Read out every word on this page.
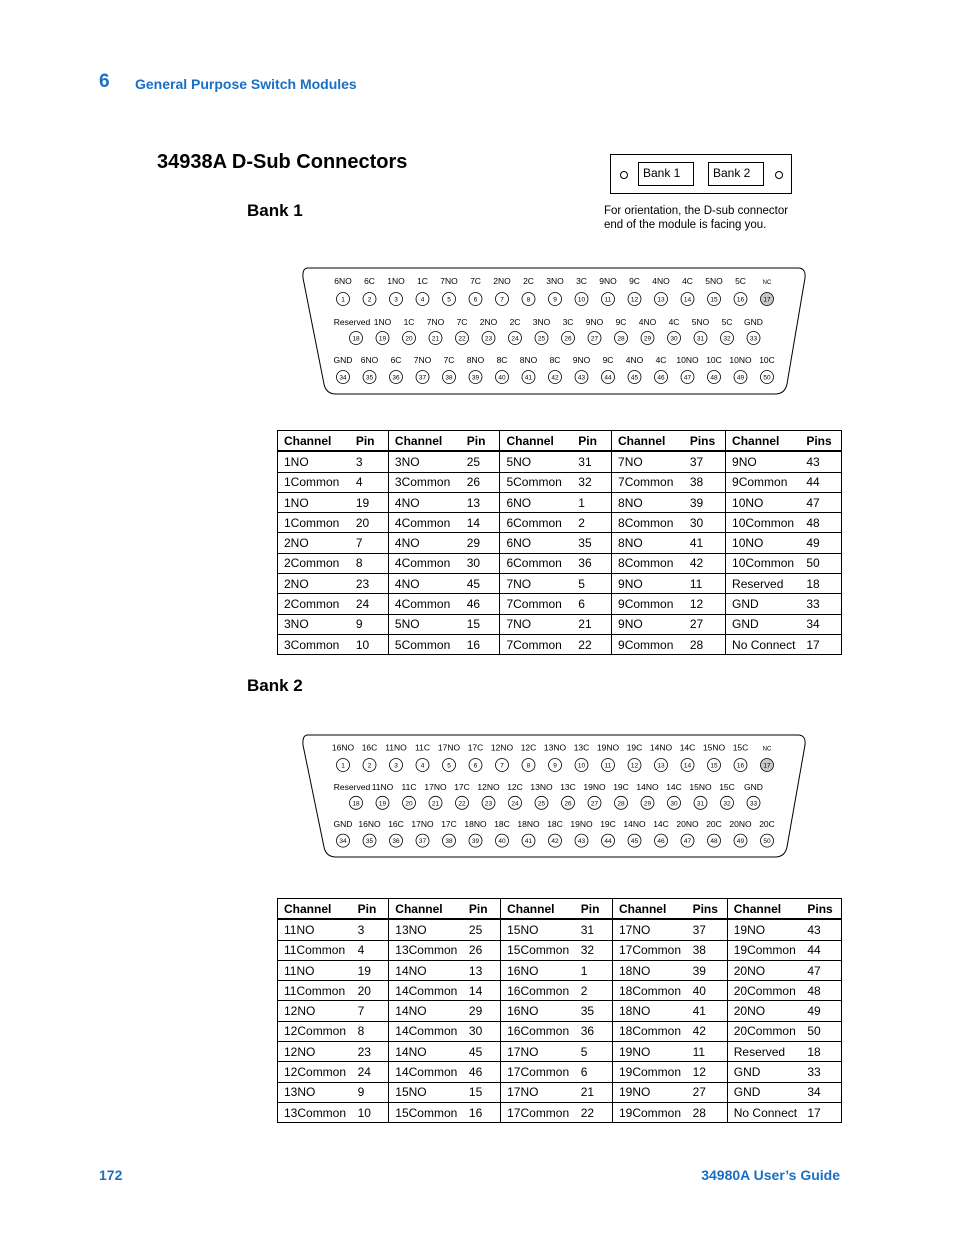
6 General Purpose Switch Modules
34938A D-Sub Connectors	Bank 1	Bank 2
For orientation, the D-sub connector
end of the module is facing you.
Bank 1
1
6NO
2
6C
3
1NO
4
1C
5
7NO
6
7C
7
2NO
8
2C
9
3NO
10
3C
11
9NO
12
9C
13
4NO
14
4C
15
5NO
16
5C
17
NC
18
Reserved
19
1NO
20
1C
21
7NO
22
7C
23
2NO
24
2C
25
3NO
26
3C
27
9NO
28
9C
29
4NO
30
4C
31
5NO
32
5C
33
GND
34
GND
35
6NO
36
6C
37
7NO
38
7C
39
8NO
40
8C
41
8NO
42
8C
43
9NO
44
9C
45
4NO
46
4C
47
10NO
48
10C
49
10NO
50
10C
Channel	Pin	Channel	Pin	Channel	Pin	Channel	Pins	Channel	Pins
1NO	3	3NO	25	5NO	31	7NO	37	9NO	43
1Common	4	3Common	26	5Common	32	7Common	38	9Common	44
1NO	19	4NO	13	6NO	1	8NO	39	10NO	47
1Common	20	4Common	14	6Common	2	8Common	30	10Common	48
2NO	7	4NO	29	6NO	35	8NO	41	10NO	49
2Common	8	4Common	30	6Common	36	8Common	42	10Common	50
2NO	23	4NO	45	7NO	5	9NO	11	Reserved	18
2Common	24	4Common	46	7Common	6	9Common	12	GND	33
3NO	9	5NO	15	7NO	21	9NO	27	GND	34
3Common	10	5Common	16	7Common	22	9Common	28	No Connect	17
Bank 2
1
16NO
2
16C
3
11NO
4
11C
5
17NO
6
17C
7
12NO
8
12C
9
13NO
10
13C
11
19NO
12
19C
13
14NO
14
14C
15
15NO
16
15C
17
NC
18
Reserved
19
11NO
20
11C
21
17NO
22
17C
23
12NO
24
12C
25
13NO
26
13C
27
19NO
28
19C
29
14NO
30
14C
31
15NO
32
15C
33
GND
34
GND
35
16NO
36
16C
37
17NO
38
17C
39
18NO
40
18C
41
18NO
42
18C
43
19NO
44
19C
45
14NO
46
14C
47
20NO
48
20C
49
20NO
50
20C
Channel	Pin	Channel	Pin	Channel	Pin	Channel	Pins	Channel	Pins
11NO	3	13NO	25	15NO	31	17NO	37	19NO	43
11Common	4	13Common	26	15Common	32	17Common	38	19Common	44
11NO	19	14NO	13	16NO	1	18NO	39	20NO	47
11Common	20	14Common	14	16Common	2	18Common	40	20Common	48
12NO	7	14NO	29	16NO	35	18NO	41	20NO	49
12Common	8	14Common	30	16Common	36	18Common	42	20Common	50
12NO	23	14NO	45	17NO	5	19NO	11	Reserved	18
12Common	24	14Common	46	17Common	6	19Common	12	GND	33
13NO	9	15NO	15	17NO	21	19NO	27	GND	34
13Common	10	15Common	16	17Common	22	19Common	28	No Connect	17
172	34980A User’s Guide
